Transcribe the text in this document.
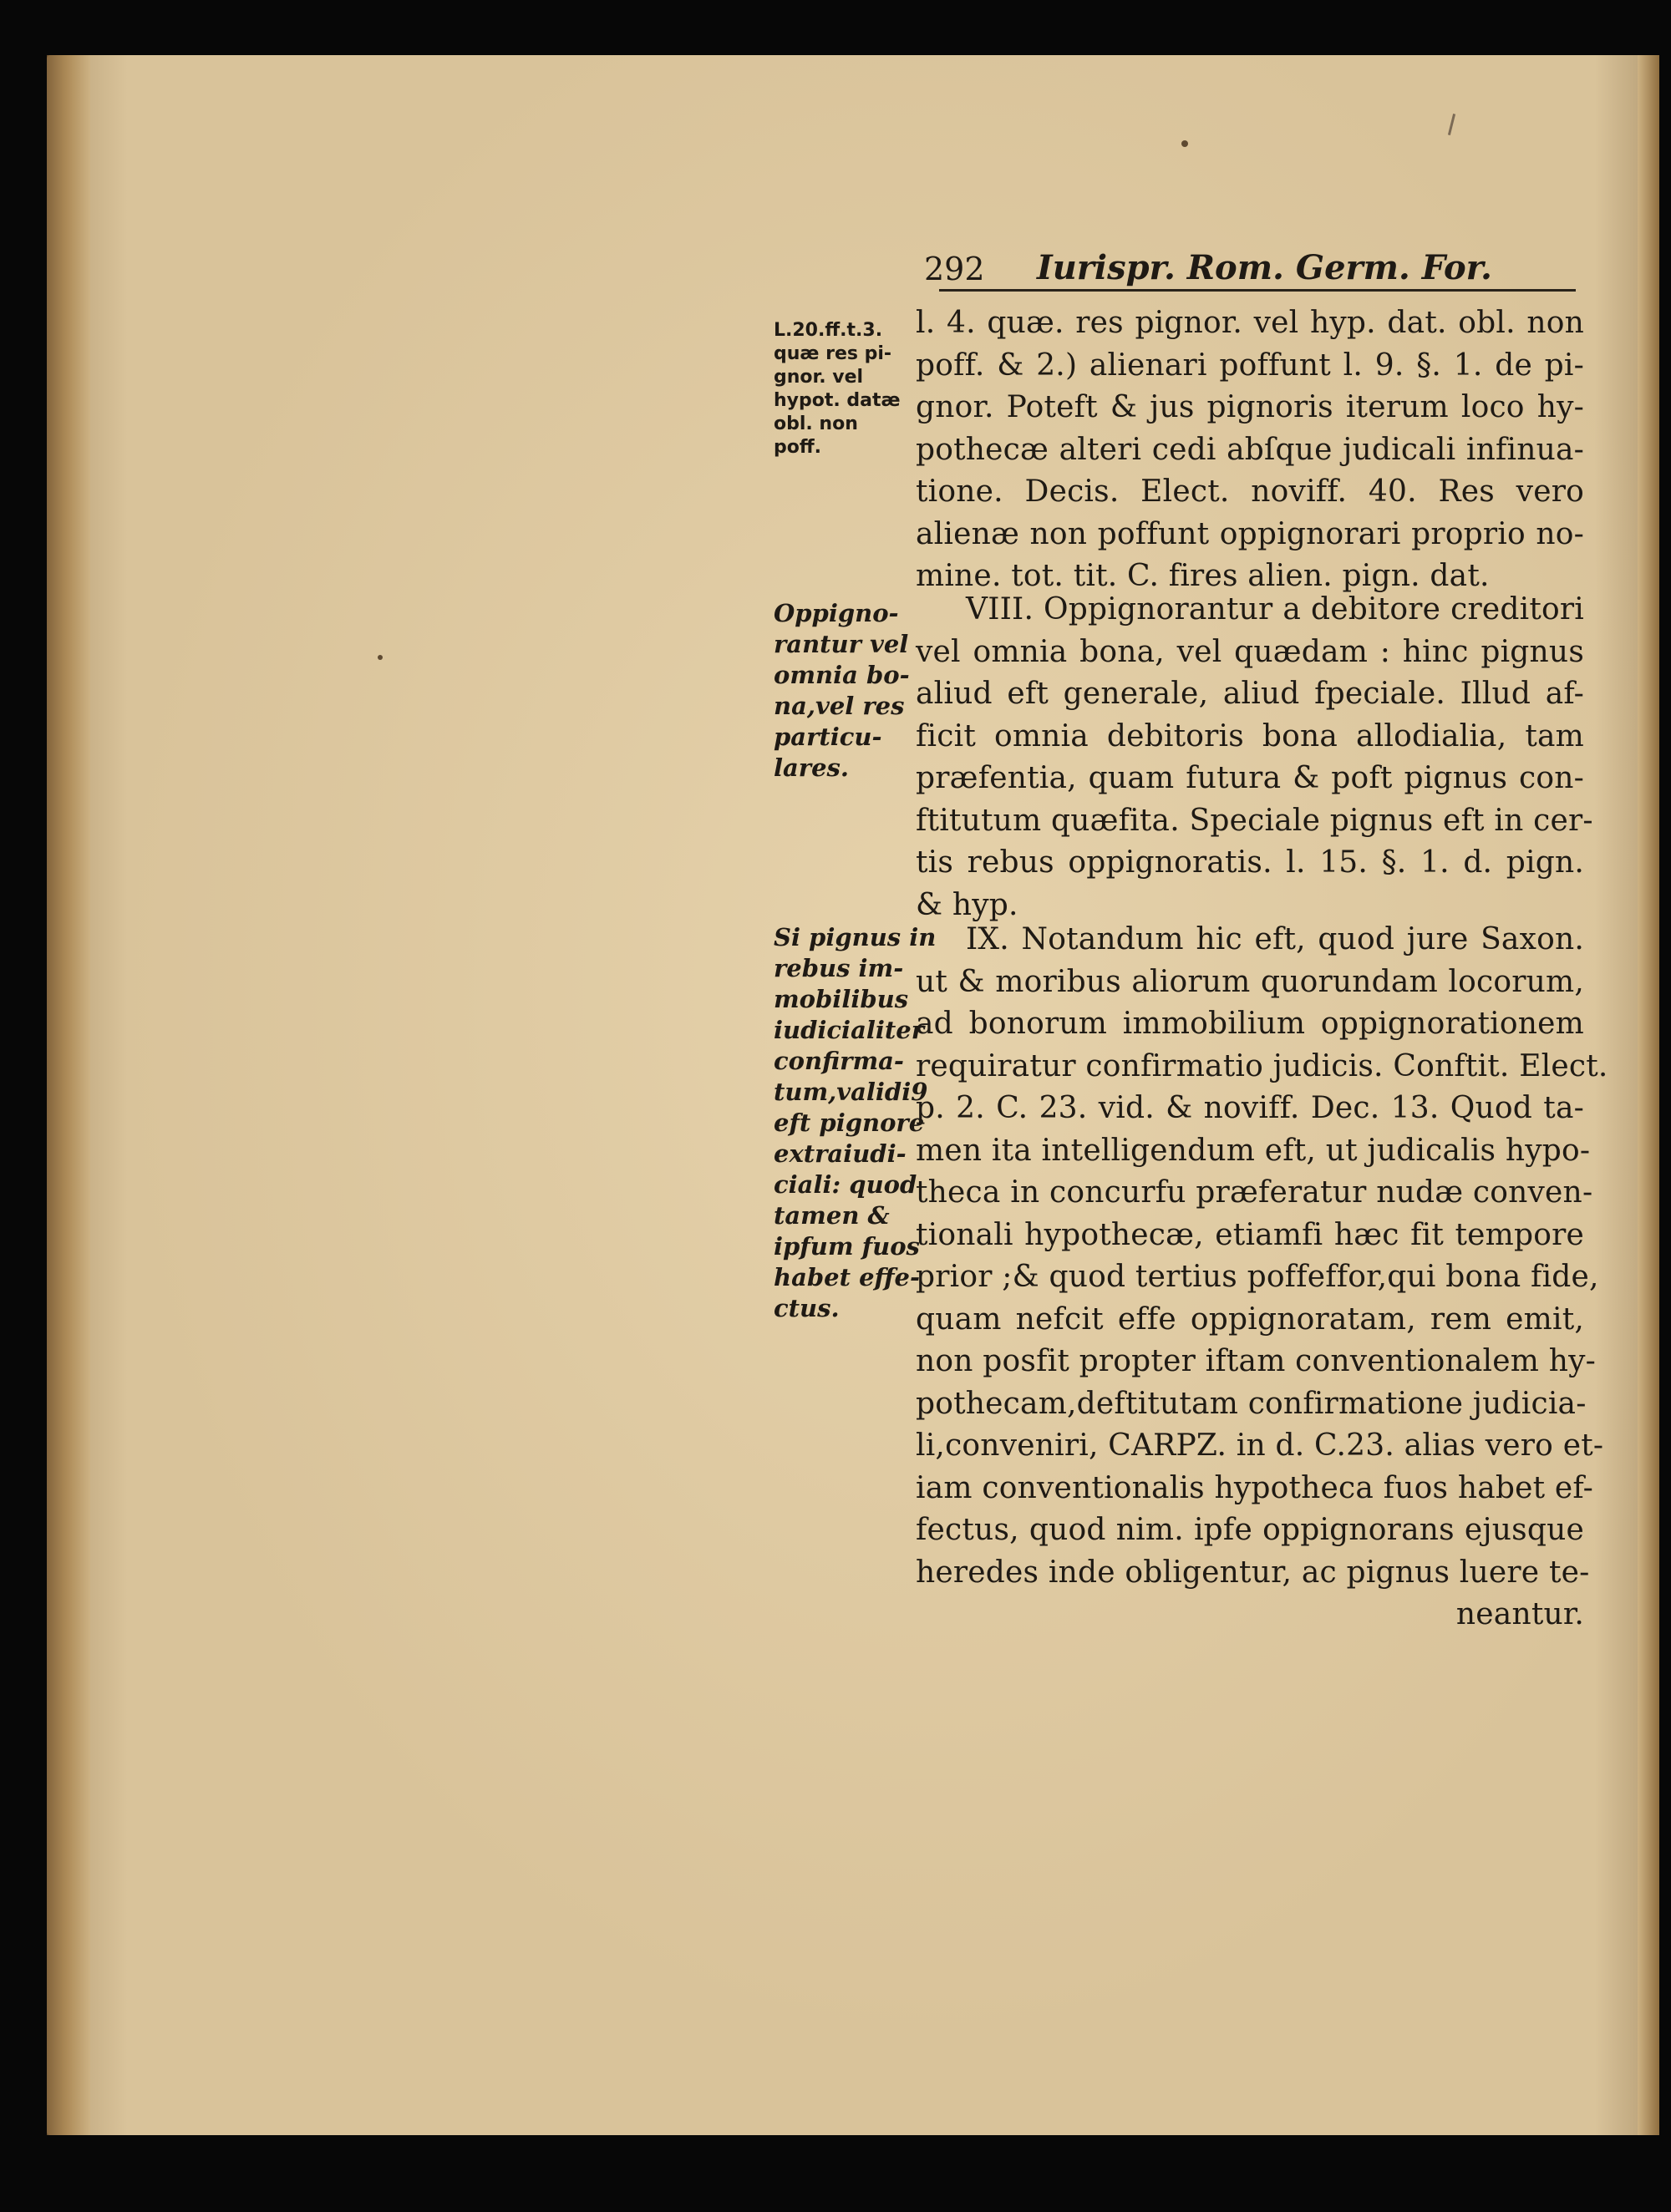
292	Iurispr. Rom. Germ. For.
L.20.ff.t.3.
quæ res pi-
gnor. vel
hypot. datæ
obl. non
poff.
Oppigno-
rantur vel
omnia bo-
na,vel res
particu-
lares.
Si pignus in
rebus im-
mobilibus
iudicialiter
confirma-
tum,validi9
eft pignore
extraiudi-
ciali: quod
tamen &
ipfum fuos
habet effe-
ctus.
l. 4. quæ. res pignor. vel hyp. dat. obl. non
poff. & 2.) alienari poffunt l. 9. §. 1. de pi-
gnor. Poteft & jus pignoris iterum loco hy-
pothecæ alteri cedi abſque judicali infinua-
tione. Decis. Elect. noviff. 40. Res vero
alienæ non poffunt oppignorari proprio no-
mine. tot. tit. C. fires alien. pign. dat.
VIII. Oppignorantur a debitore creditori
vel omnia bona, vel quædam : hinc pignus
aliud eft generale, aliud fpeciale. Illud af-
ficit omnia debitoris bona allodialia, tam
præfentia, quam futura & poft pignus con-
ftitutum quæfita. Speciale pignus eft in cer-
tis rebus oppignoratis. l. 15. §. 1. d. pign.
& hyp.
IX. Notandum hic eft, quod jure Saxon.
ut & moribus aliorum quorundam locorum,
ad bonorum immobilium oppignorationem
requiratur confirmatio judicis. Conftit. Elect.
p. 2. C. 23. vid. & noviff. Dec. 13. Quod ta-
men ita intelligendum eft, ut judicalis hypo-
theca in concurfu præferatur nudæ conven-
tionali hypothecæ, etiamfi hæc fit tempore
prior ;& quod tertius poffeffor,qui bona fide,
quam nefcit effe oppignoratam, rem emit,
non posfit propter iftam conventionalem hy-
pothecam,deftitutam confirmatione judicia-
li,conveniri, CARPZ. in d. C.23. alias vero et-
iam conventionalis hypotheca fuos habet ef-
fectus, quod nim. ipfe oppignorans ejusque
heredes inde obligentur, ac pignus luere te-
neantur.
